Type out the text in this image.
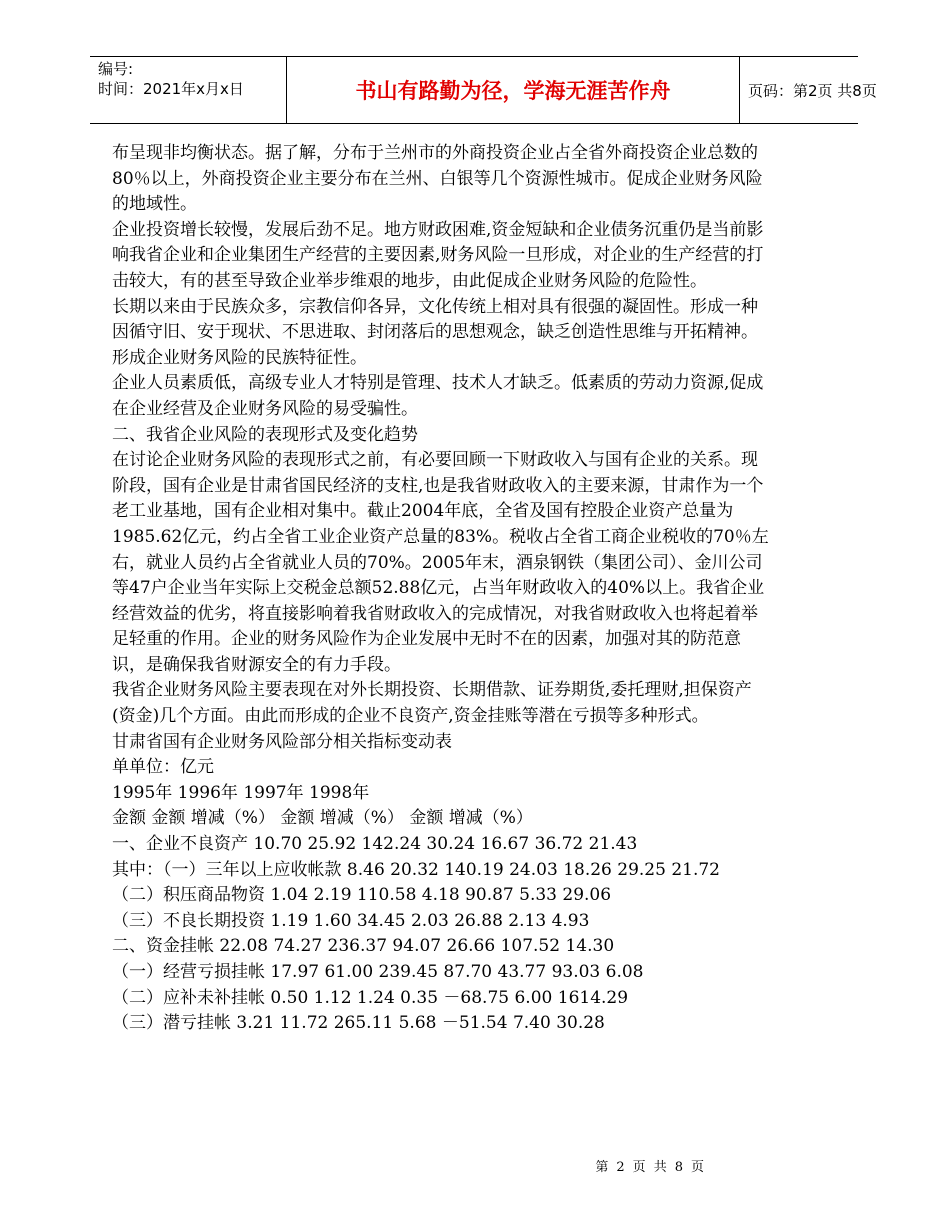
编号:
时间：2021年x月x日	书山有路勤为径，学海无涯苦作舟	页码：第2页 共8页

布呈现非均衡状态。据了解，分布于兰州市的外商投资企业占全省外商投资企业总数的80％以上，外商投资企业主要分布在兰州、白银等几个资源性城市。促成企业财务风险的地域性。

企业投资增长较慢，发展后劲不足。地方财政困难,资金短缺和企业债务沉重仍是当前影响我省企业和企业集团生产经营的主要因素,财务风险一旦形成，对企业的生产经营的打击较大，有的甚至导致企业举步维艰的地步，由此促成企业财务风险的危险性。

长期以来由于民族众多，宗教信仰各异，文化传统上相对具有很强的凝固性。形成一种因循守旧、安于现状、不思进取、封闭落后的思想观念，缺乏创造性思维与开拓精神。形成企业财务风险的民族特征性。

企业人员素质低，高级专业人才特别是管理、技术人才缺乏。低素质的劳动力资源,促成在企业经营及企业财务风险的易受骗性。

二、我省企业风险的表现形式及变化趋势

在讨论企业财务风险的表现形式之前，有必要回顾一下财政收入与国有企业的关系。现阶段，国有企业是甘肃省国民经济的支柱,也是我省财政收入的主要来源，甘肃作为一个老工业基地，国有企业相对集中。截止2004年底，全省及国有控股企业资产总量为1985.62亿元，约占全省工业企业资产总量的83%。税收占全省工商企业税收的70％左右，就业人员约占全省就业人员的70%。2005年末，酒泉钢铁（集团公司）、金川公司等47户企业当年实际上交税金总额52.88亿元，占当年财政收入的40%以上。我省企业经营效益的优劣，将直接影响着我省财政收入的完成情况，对我省财政收入也将起着举足轻重的作用。企业的财务风险作为企业发展中无时不在的因素，加强对其的防范意识，是确保我省财源安全的有力手段。

我省企业财务风险主要表现在对外长期投资、长期借款、证券期货,委托理财,担保资产(资金)几个方面。由此而形成的企业不良资产,资金挂账等潜在亏损等多种形式。

甘肃省国有企业财务风险部分相关指标变动表

单单位：亿元

1995年 1996年 1997年 1998年

金额 金额 增减（%） 金额 增减（%） 金额 增减（%）

一、企业不良资产 10.70 25.92 142.24 30.24 16.67 36.72 21.43

其中：（一）三年以上应收帐款 8.46 20.32 140.19 24.03 18.26 29.25 21.72

（二）积压商品物资 1.04 2.19 110.58 4.18 90.87 5.33 29.06

（三）不良长期投资 1.19 1.60 34.45 2.03 26.88 2.13 4.93

二、资金挂帐 22.08 74.27 236.37 94.07 26.66 107.52 14.30

（一）经营亏损挂帐 17.97 61.00 239.45 87.70 43.77 93.03 6.08

（二）应补未补挂帐 0.50 1.12 1.24 0.35 －68.75 6.00 1614.29

（三）潜亏挂帐 3.21 11.72 265.11 5.68 －51.54 7.40 30.28

第 2 页 共 8 页
